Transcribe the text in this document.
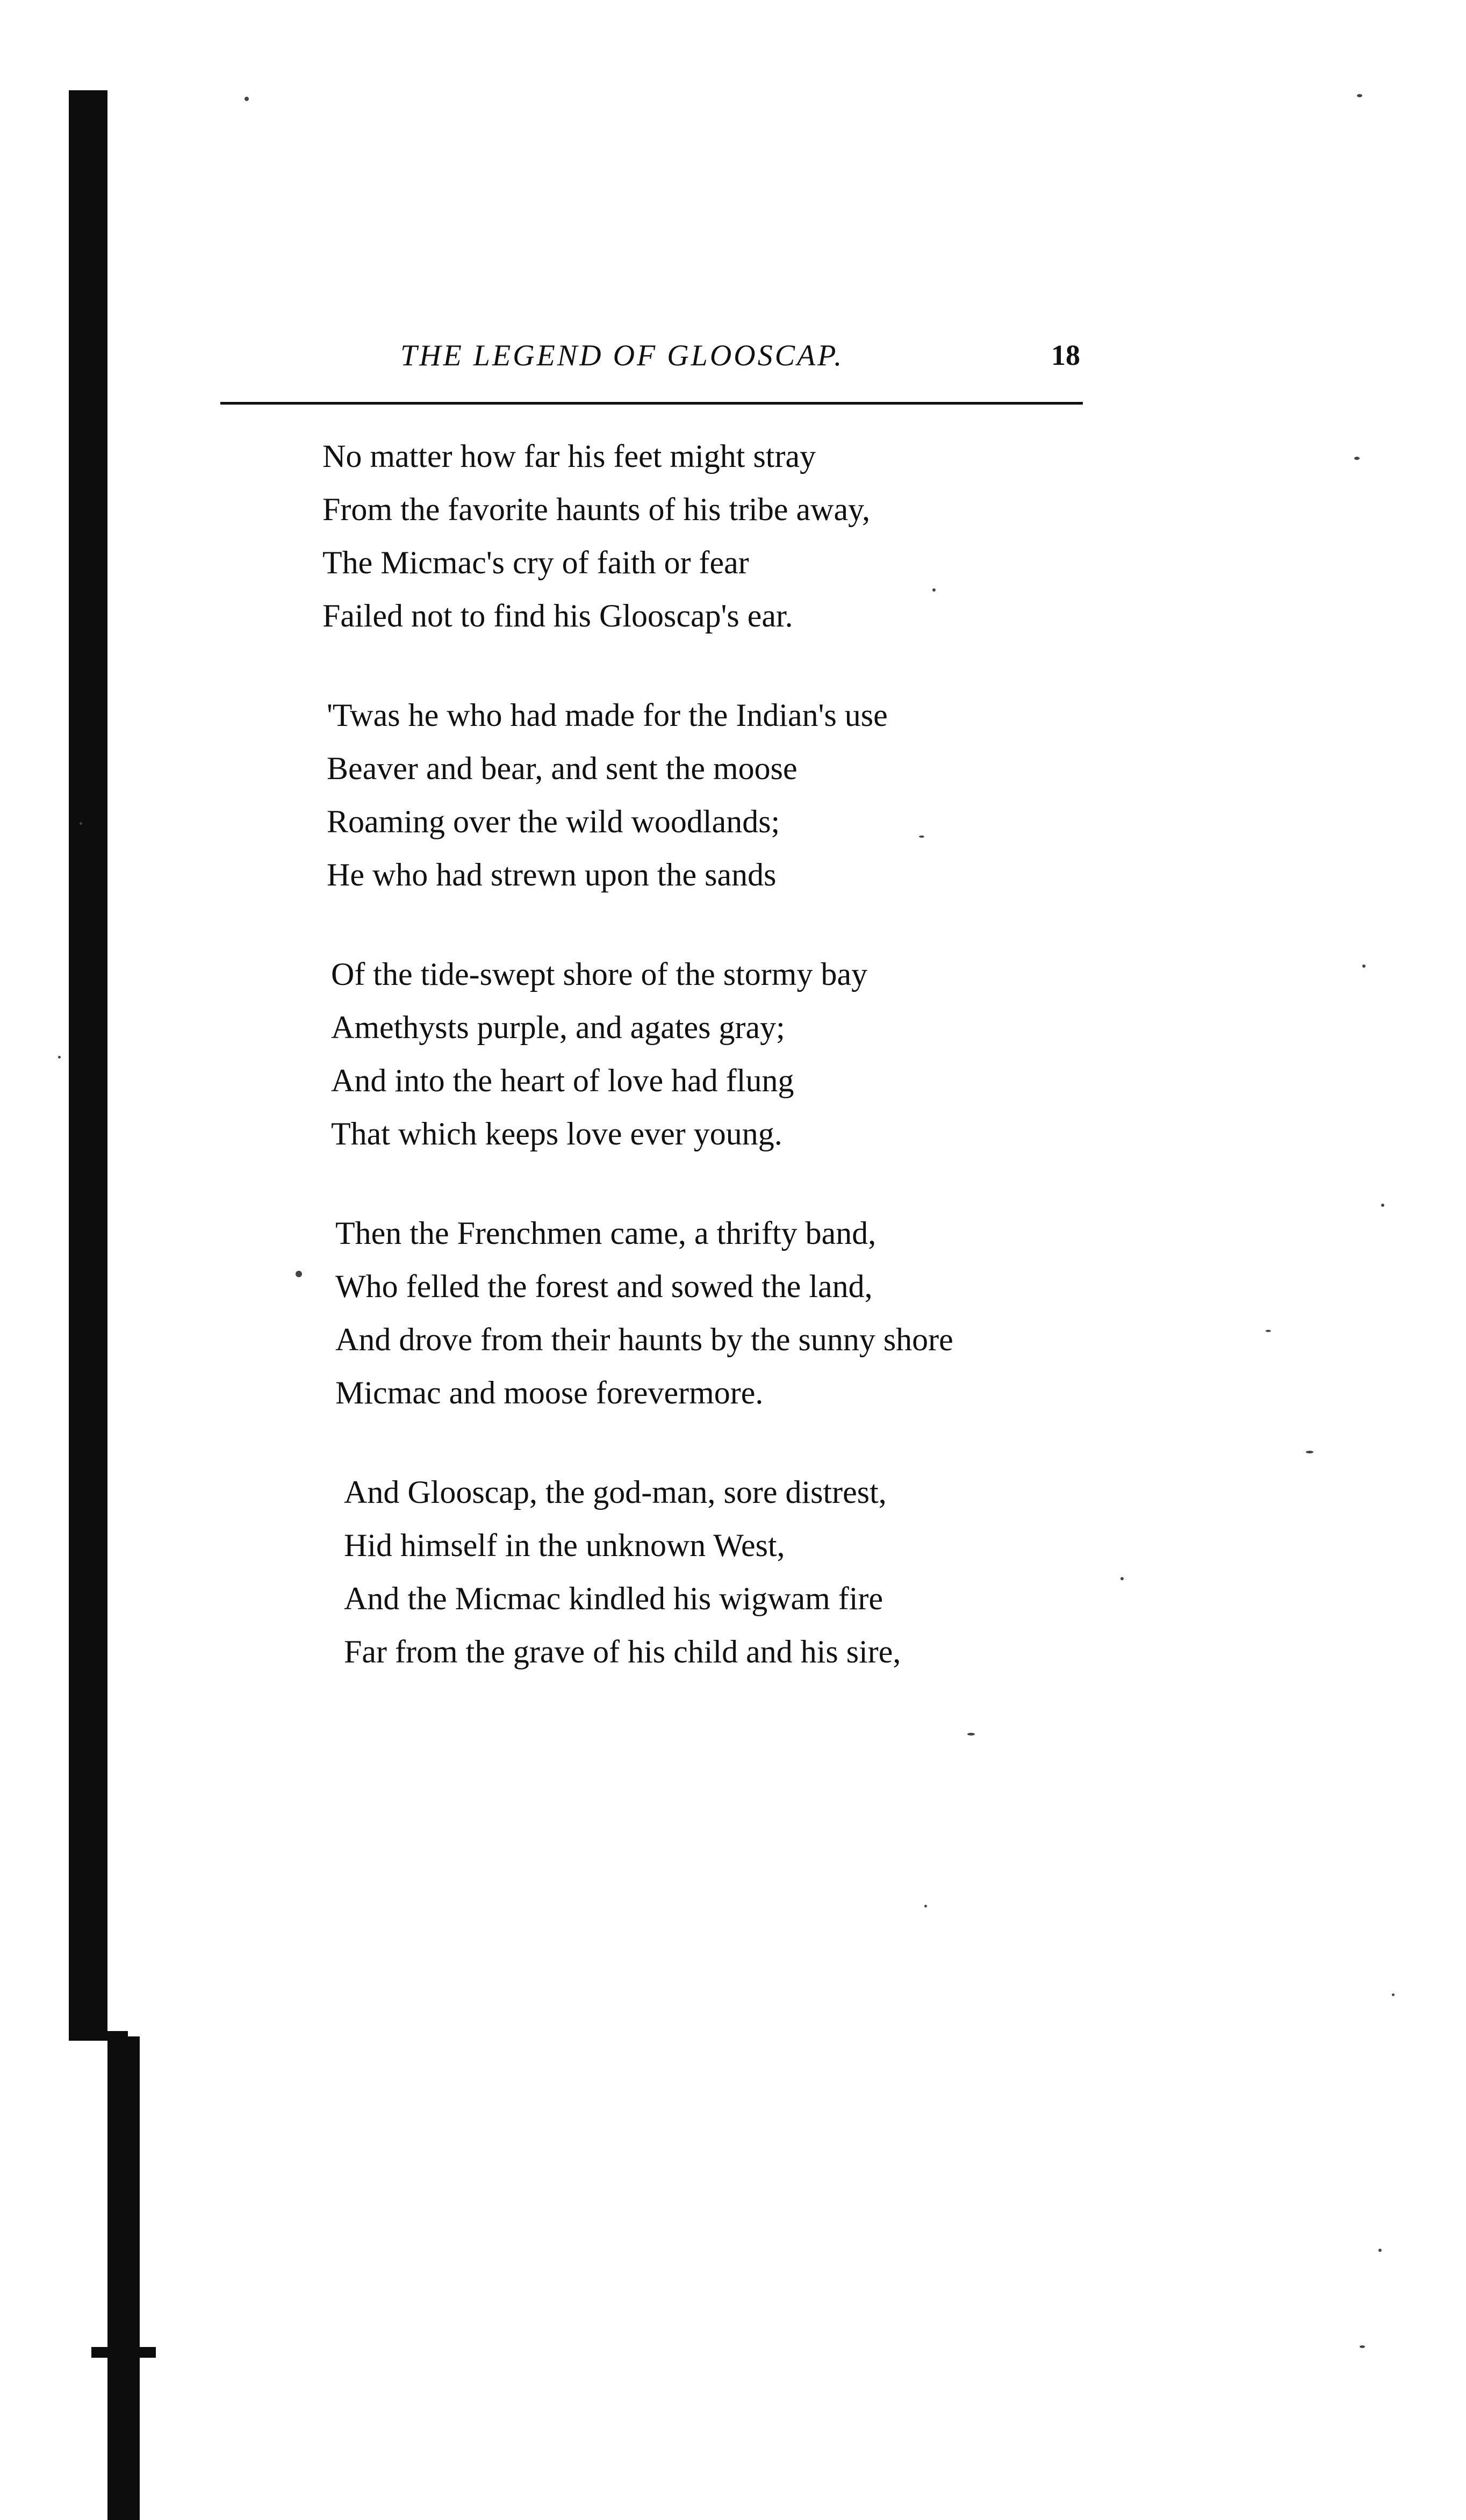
THE LEGEND OF GLOOSCAP.	18
No matter how far his feet might stray
From the favorite haunts of his tribe away,
The Micmac's cry of faith or fear
Failed not to find his Glooscap's ear.
'Twas he who had made for the Indian's use
Beaver and bear, and sent the moose
Roaming over the wild woodlands;
He who had strewn upon the sands
Of the tide-swept shore of the stormy bay
Amethysts purple, and agates gray;
And into the heart of love had flung
That which keeps love ever young.
Then the Frenchmen came, a thrifty band,
Who felled the forest and sowed the land,
And drove from their haunts by the sunny shore
Micmac and moose forevermore.
And Glooscap, the god-man, sore distrest,
Hid himself in the unknown West,
And the Micmac kindled his wigwam fire
Far from the grave of his child and his sire,
